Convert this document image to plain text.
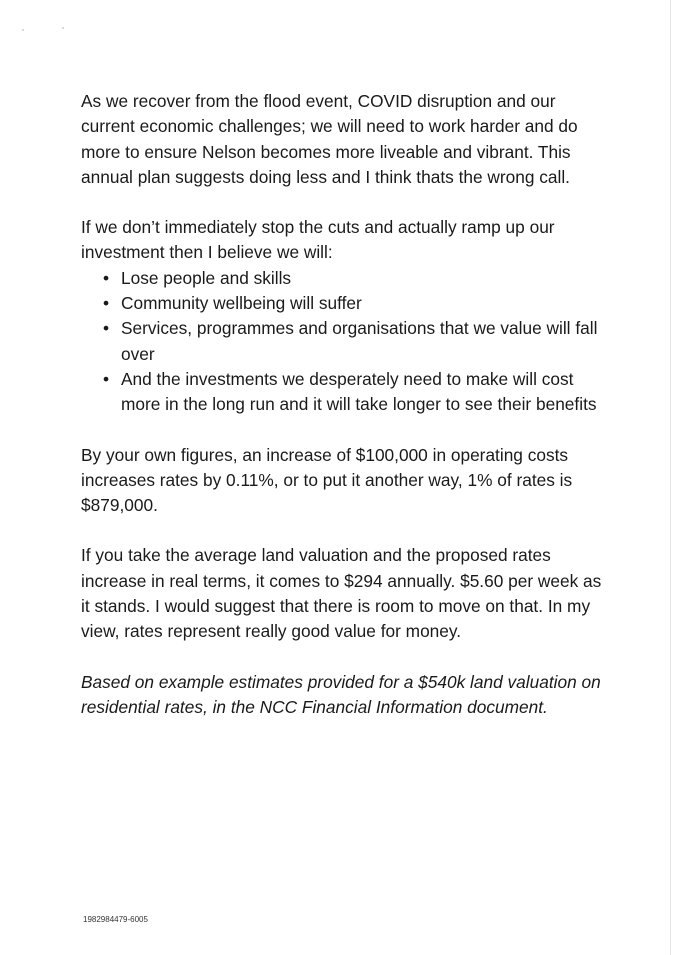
As we recover from the flood event, COVID disruption and our current economic challenges; we will need to work harder and do more to ensure Nelson becomes more liveable and vibrant. This annual plan suggests doing less and I think thats the wrong call.

If we don’t immediately stop the cuts and actually ramp up our investment then I believe we will:

• Lose people and skills
• Community wellbeing will suffer
• Services, programmes and organisations that we value will fall over
• And the investments we desperately need to make will cost more in the long run and it will take longer to see their benefits

By your own figures, an increase of $100,000 in operating costs increases rates by 0.11%, or to put it another way, 1% of rates is $879,000.

If you take the average land valuation and the proposed rates increase in real terms, it comes to $294 annually. $5.60 per week as it stands. I would suggest that there is room to move on that. In my view, rates represent really good value for money.

Based on example estimates provided for a $540k land valuation on residential rates, in the NCC Financial Information document.

1982984479-6005
